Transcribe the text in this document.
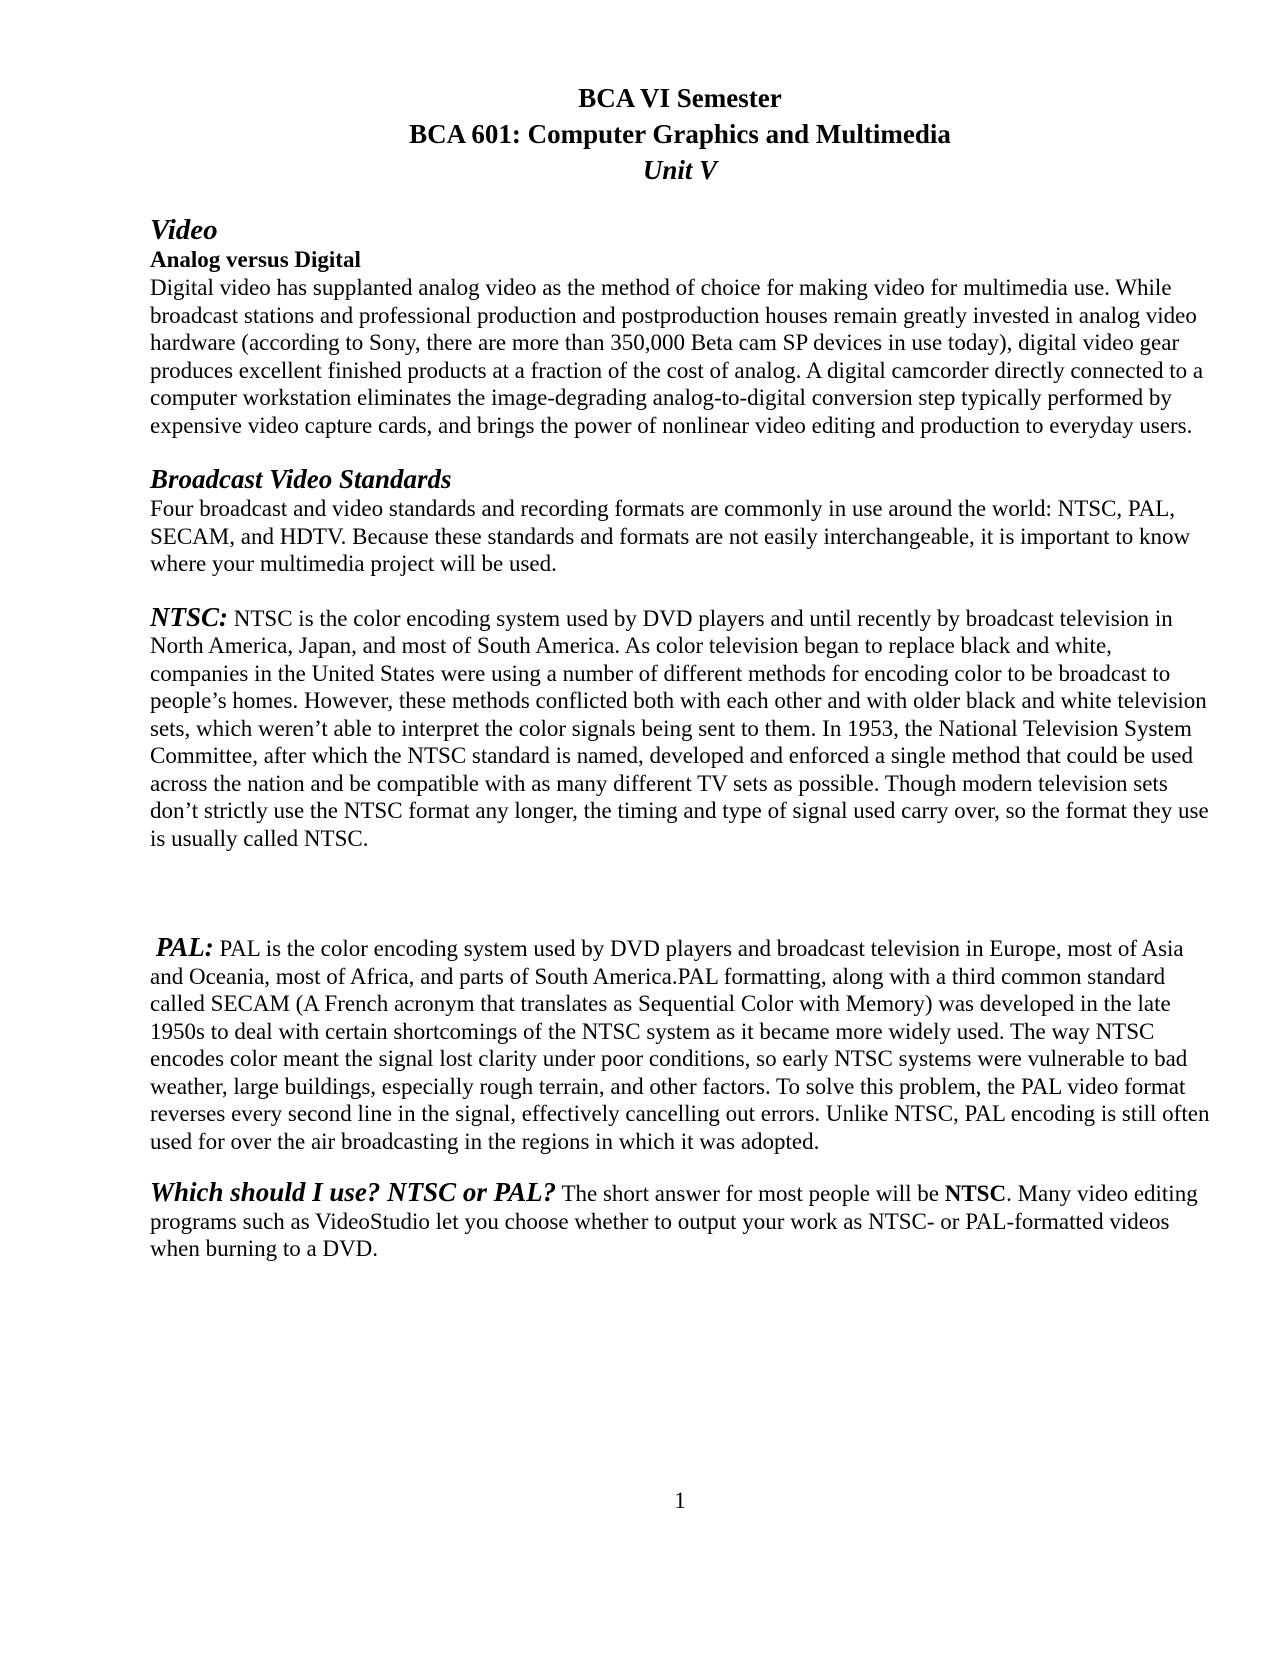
BCA VI Semester
BCA 601: Computer Graphics and Multimedia
Unit V
Video
Analog versus Digital

Digital video has supplanted analog video as the method of choice for making video for multimedia use. While broadcast stations and professional production and postproduction houses remain greatly invested in analog video hardware (according to Sony, there are more than 350,000 Beta cam SP devices in use today), digital video gear produces excellent finished products at a fraction of the cost of analog. A digital camcorder directly connected to a computer workstation eliminates the image-degrading analog-to-digital conversion step typically performed by expensive video capture cards, and brings the power of nonlinear video editing and production to everyday users.

Broadcast Video Standards

Four broadcast and video standards and recording formats are commonly in use around the world: NTSC, PAL, SECAM, and HDTV. Because these standards and formats are not easily interchangeable, it is important to know where your multimedia project will be used.

NTSC: NTSC is the color encoding system used by DVD players and until recently by broadcast television in North America, Japan, and most of South America. As color television began to replace black and white, companies in the United States were using a number of different methods for encoding color to be broadcast to people’s homes. However, these methods conflicted both with each other and with older black and white television sets, which weren’t able to interpret the color signals being sent to them. In 1953, the National Television System Committee, after which the NTSC standard is named, developed and enforced a single method that could be used across the nation and be compatible with as many different TV sets as possible. Though modern television sets don’t strictly use the NTSC format any longer, the timing and type of signal used carry over, so the format they use is usually called NTSC.

PAL: PAL is the color encoding system used by DVD players and broadcast television in Europe, most of Asia and Oceania, most of Africa, and parts of South America.PAL formatting, along with a third common standard called SECAM (A French acronym that translates as Sequential Color with Memory) was developed in the late 1950s to deal with certain shortcomings of the NTSC system as it became more widely used. The way NTSC encodes color meant the signal lost clarity under poor conditions, so early NTSC systems were vulnerable to bad weather, large buildings, especially rough terrain, and other factors. To solve this problem, the PAL video format reverses every second line in the signal, effectively cancelling out errors. Unlike NTSC, PAL encoding is still often used for over the air broadcasting in the regions in which it was adopted.

Which should I use? NTSC or PAL? The short answer for most people will be NTSC. Many video editing programs such as VideoStudio let you choose whether to output your work as NTSC- or PAL-formatted videos when burning to a DVD.

1
